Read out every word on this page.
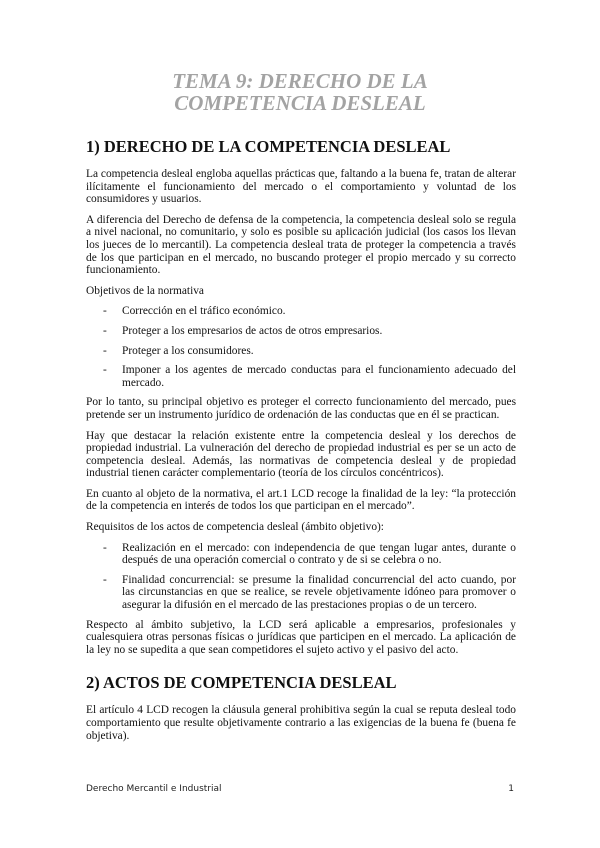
TEMA 9: DERECHO DE LA
COMPETENCIA DESLEAL
1) DERECHO DE LA COMPETENCIA DESLEAL

La competencia desleal engloba aquellas prácticas que, faltando a la buena fe, tratan de alterar ilícitamente el funcionamiento del mercado o el comportamiento y voluntad de los consumidores y usuarios.

A diferencia del Derecho de defensa de la competencia, la competencia desleal solo se regula a nivel nacional, no comunitario, y solo es posible su aplicación judicial (los casos los llevan los jueces de lo mercantil). La competencia desleal trata de proteger la competencia a través de los que participan en el mercado, no buscando proteger el propio mercado y su correcto funcionamiento.

Objetivos de la normativa

- Corrección en el tráfico económico.
- Proteger a los empresarios de actos de otros empresarios.
- Proteger a los consumidores.
- Imponer a los agentes de mercado conductas para el funcionamiento adecuado del mercado.

Por lo tanto, su principal objetivo es proteger el correcto funcionamiento del mercado, pues pretende ser un instrumento jurídico de ordenación de las conductas que en él se practican.

Hay que destacar la relación existente entre la competencia desleal y los derechos de propiedad industrial. La vulneración del derecho de propiedad industrial es per se un acto de competencia desleal. Además, las normativas de competencia desleal y de propiedad industrial tienen carácter complementario (teoría de los círculos concéntricos).

En cuanto al objeto de la normativa, el art.1 LCD recoge la finalidad de la ley: “la protección de la competencia en interés de todos los que participan en el mercado”.

Requisitos de los actos de competencia desleal (ámbito objetivo):

- Realización en el mercado: con independencia de que tengan lugar antes, durante o después de una operación comercial o contrato y de si se celebra o no.
- Finalidad concurrencial: se presume la finalidad concurrencial del acto cuando, por las circunstancias en que se realice, se revele objetivamente idóneo para promover o asegurar la difusión en el mercado de las prestaciones propias o de un tercero.

Respecto al ámbito subjetivo, la LCD será aplicable a empresarios, profesionales y cualesquiera otras personas físicas o jurídicas que participen en el mercado. La aplicación de la ley no se supedita a que sean competidores el sujeto activo y el pasivo del acto.

2) ACTOS DE COMPETENCIA DESLEAL

El artículo 4 LCD recogen la cláusula general prohibitiva según la cual se reputa desleal todo comportamiento que resulte objetivamente contrario a las exigencias de la buena fe (buena fe objetiva).

Derecho Mercantil e Industrial	1
